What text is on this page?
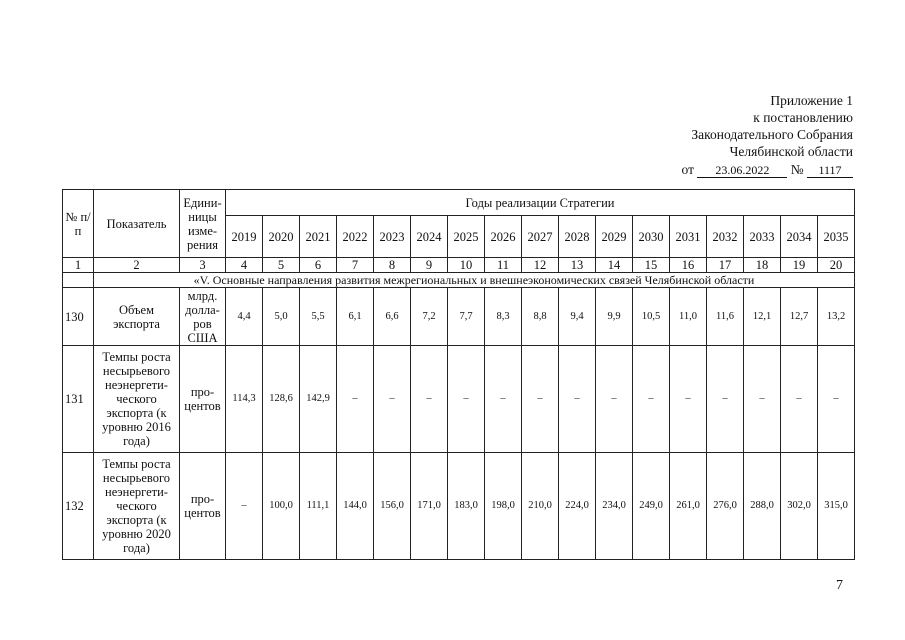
Приложение 1
к постановлению
Законодательного Собрания
Челябинской области
от 23.06.2022 № 1117
№ п/п	Показатель	Едини-ницы изме-рения	Годы реализации Стратегии																
			2019	2020	2021	2022	2023	2024	2025	2026	2027	2028	2029	2030	2031	2032	2033	2034	2035
1	2	3	4	5	6	7	8	9	10	11	12	13	14	15	16	17	18	19	20
	«V. Основные направления развития межрегиональных и внешнеэкономических связей Челябинской области																		
130	Объем экспорта	млрд. долла-ров США	4,4	5,0	5,5	6,1	6,6	7,2	7,7	8,3	8,8	9,4	9,9	10,5	11,0	11,6	12,1	12,7	13,2
131	Темпы роста несырьевого неэнергети-ческого экспорта (к уровню 2016 года)	про-центов	114,3	128,6	142,9	–	–	–	–	–	–	–	–	–	–	–	–	–	–
132	Темпы роста несырьевого неэнергети-ческого экспорта (к уровню 2020 года)	про-центов	–	100,0	111,1	144,0	156,0	171,0	183,0	198,0	210,0	224,0	234,0	249,0	261,0	276,0	288,0	302,0	315,0
7
